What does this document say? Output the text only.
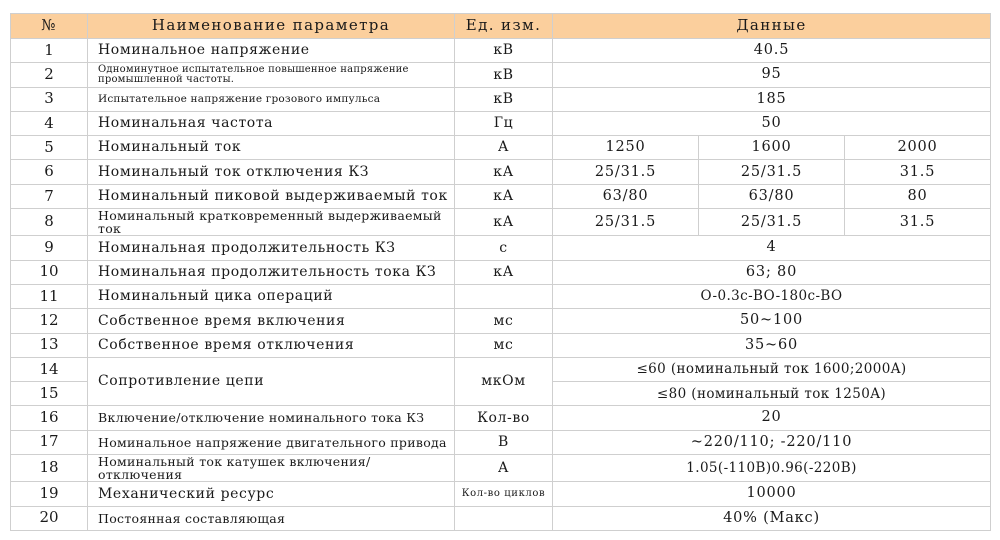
№	Наименование параметра	Ед. изм.	Данные		
1	Номинальное напряжение	кВ	40.5		
2	Одноминутное испытательное повышенное напряжение промышленной частоты.	кВ	95		
3	Испытательное напряжение грозового импульса	кВ	185		
4	Номинальная частота	Гц	50		
5	Номинальный ток	A	1250	1600	2000
6	Номинальный ток отключения КЗ	кА	25/31.5	25/31.5	31.5
7	Номинальный пиковой выдерживаемый ток	кА	63/80	63/80	80
8	Номинальный кратковременный выдерживаемый ток	кА	25/31.5	25/31.5	31.5
9	Номинальная продолжительность КЗ	с	4		
10	Номинальная продолжительность тока КЗ	кА	63; 80		
11	Номинальный цика операций		O-0.3c-BO-180c-BO		
12	Собственное время включения	мс	50~100		
13	Собственное время отключения	мс	35~60		
14	Сопротивление цепи	мкОм	≤60 (номинальный ток 1600;2000A)		
15			≤80 (номинальный ток 1250A)		
16	Включение/отключение номинального тока КЗ	Кол-во	20		
17	Номинальное напряжение двигательного привода	B	~220/110; -220/110		
18	Номинальный ток катушек включения/отключения	A	1.05(-110B)0.96(-220B)		
19	Механический ресурс	Кол-во циклов	10000		
20	Постоянная составляющая		40% (Макс)		
